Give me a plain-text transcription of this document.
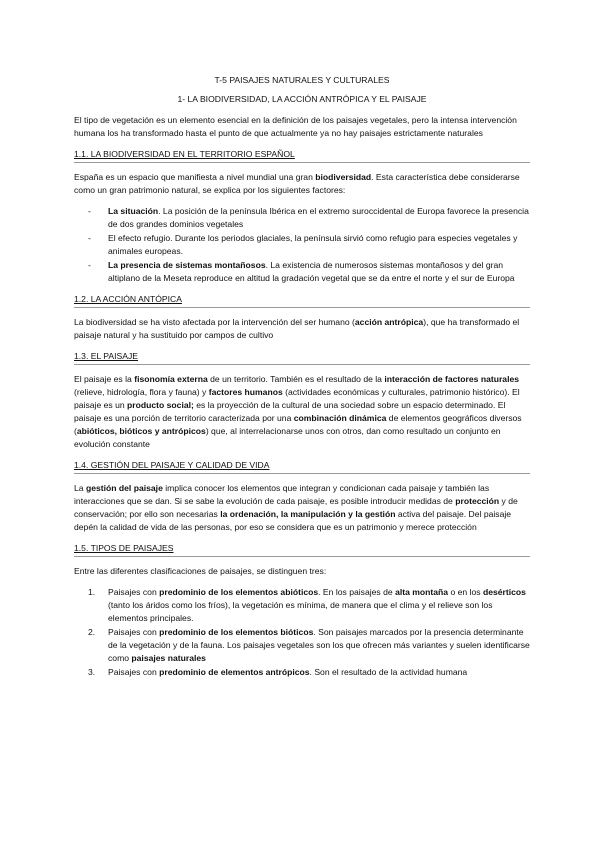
T-5 PAISAJES NATURALES Y CULTURALES

1- LA BIODIVERSIDAD, LA ACCIÓN ANTRÓPICA Y EL PAISAJE

El tipo de vegetación es un elemento esencial en la definición de los paisajes vegetales, pero la intensa intervención humana los ha transformado hasta el punto de que actualmente ya no hay paisajes estrictamente naturales

1.1. LA BIODIVERSIDAD EN EL TERRITORIO ESPAÑOL

España es un espacio que manifiesta a nivel mundial una gran biodiversidad. Esta característica debe considerarse como un gran patrimonio natural, se explica por los siguientes factores:

- La situación. La posición de la península Ibérica en el extremo suroccidental de Europa favorece la presencia de dos grandes dominios vegetales
- El efecto refugio. Durante los periodos glaciales, la península sirvió como refugio para especies vegetales y animales europeas.
- La presencia de sistemas montañosos. La existencia de numerosos sistemas montañosos y del gran altiplano de la Meseta reproduce en altitud la gradación vegetal que se da entre el norte y el sur de Europa
1.2. LA ACCIÓN ANTÓPICA

La biodiversidad se ha visto afectada por la intervención del ser humano (acción antrópica), que ha transformado el paisaje natural y ha sustituido por campos de cultivo

1.3. EL PAISAJE

El paisaje es la fisonomía externa de un territorio. También es el resultado de la interacción de factores naturales (relieve, hidrología, flora y fauna) y factores humanos (actividades económicas y culturales, patrimonio histórico). El paisaje es un producto social; es la proyección de la cultural de una sociedad sobre un espacio determinado. El paisaje es una porción de territorio caracterizada por una combinación dinámica de elementos geográficos diversos (abióticos, bióticos y antrópicos) que, al interrelacionarse unos con otros, dan como resultado un conjunto en evolución constante

1.4. GESTIÓN DEL PAISAJE Y CALIDAD DE VIDA

La gestión del paisaje implica conocer los elementos que integran y condicionan cada paisaje y también las interacciones que se dan. Si se sabe la evolución de cada paisaje, es posible introducir medidas de protección y de conservación; por ello son necesarias la ordenación, la manipulación y la gestión activa del paisaje. Del paisaje depén la calidad de vida de las personas, por eso se considera que es un patrimonio y merece protección

1.5. TIPOS DE PAISAJES

Entre las diferentes clasificaciones de paisajes, se distinguen tres:

1. Paisajes con predominio de los elementos abióticos. En los paisajes de alta montaña o en los desérticos (tanto los áridos como los fríos), la vegetación es mínima, de manera que el clima y el relieve son los elementos principales.
2. Paisajes con predominio de los elementos bióticos. Son paisajes marcados por la presencia determinante de la vegetación y de la fauna. Los paisajes vegetales son los que ofrecen más variantes y suelen identificarse como paisajes naturales
3. Paisajes con predominio de elementos antrópicos. Son el resultado de la actividad humana
